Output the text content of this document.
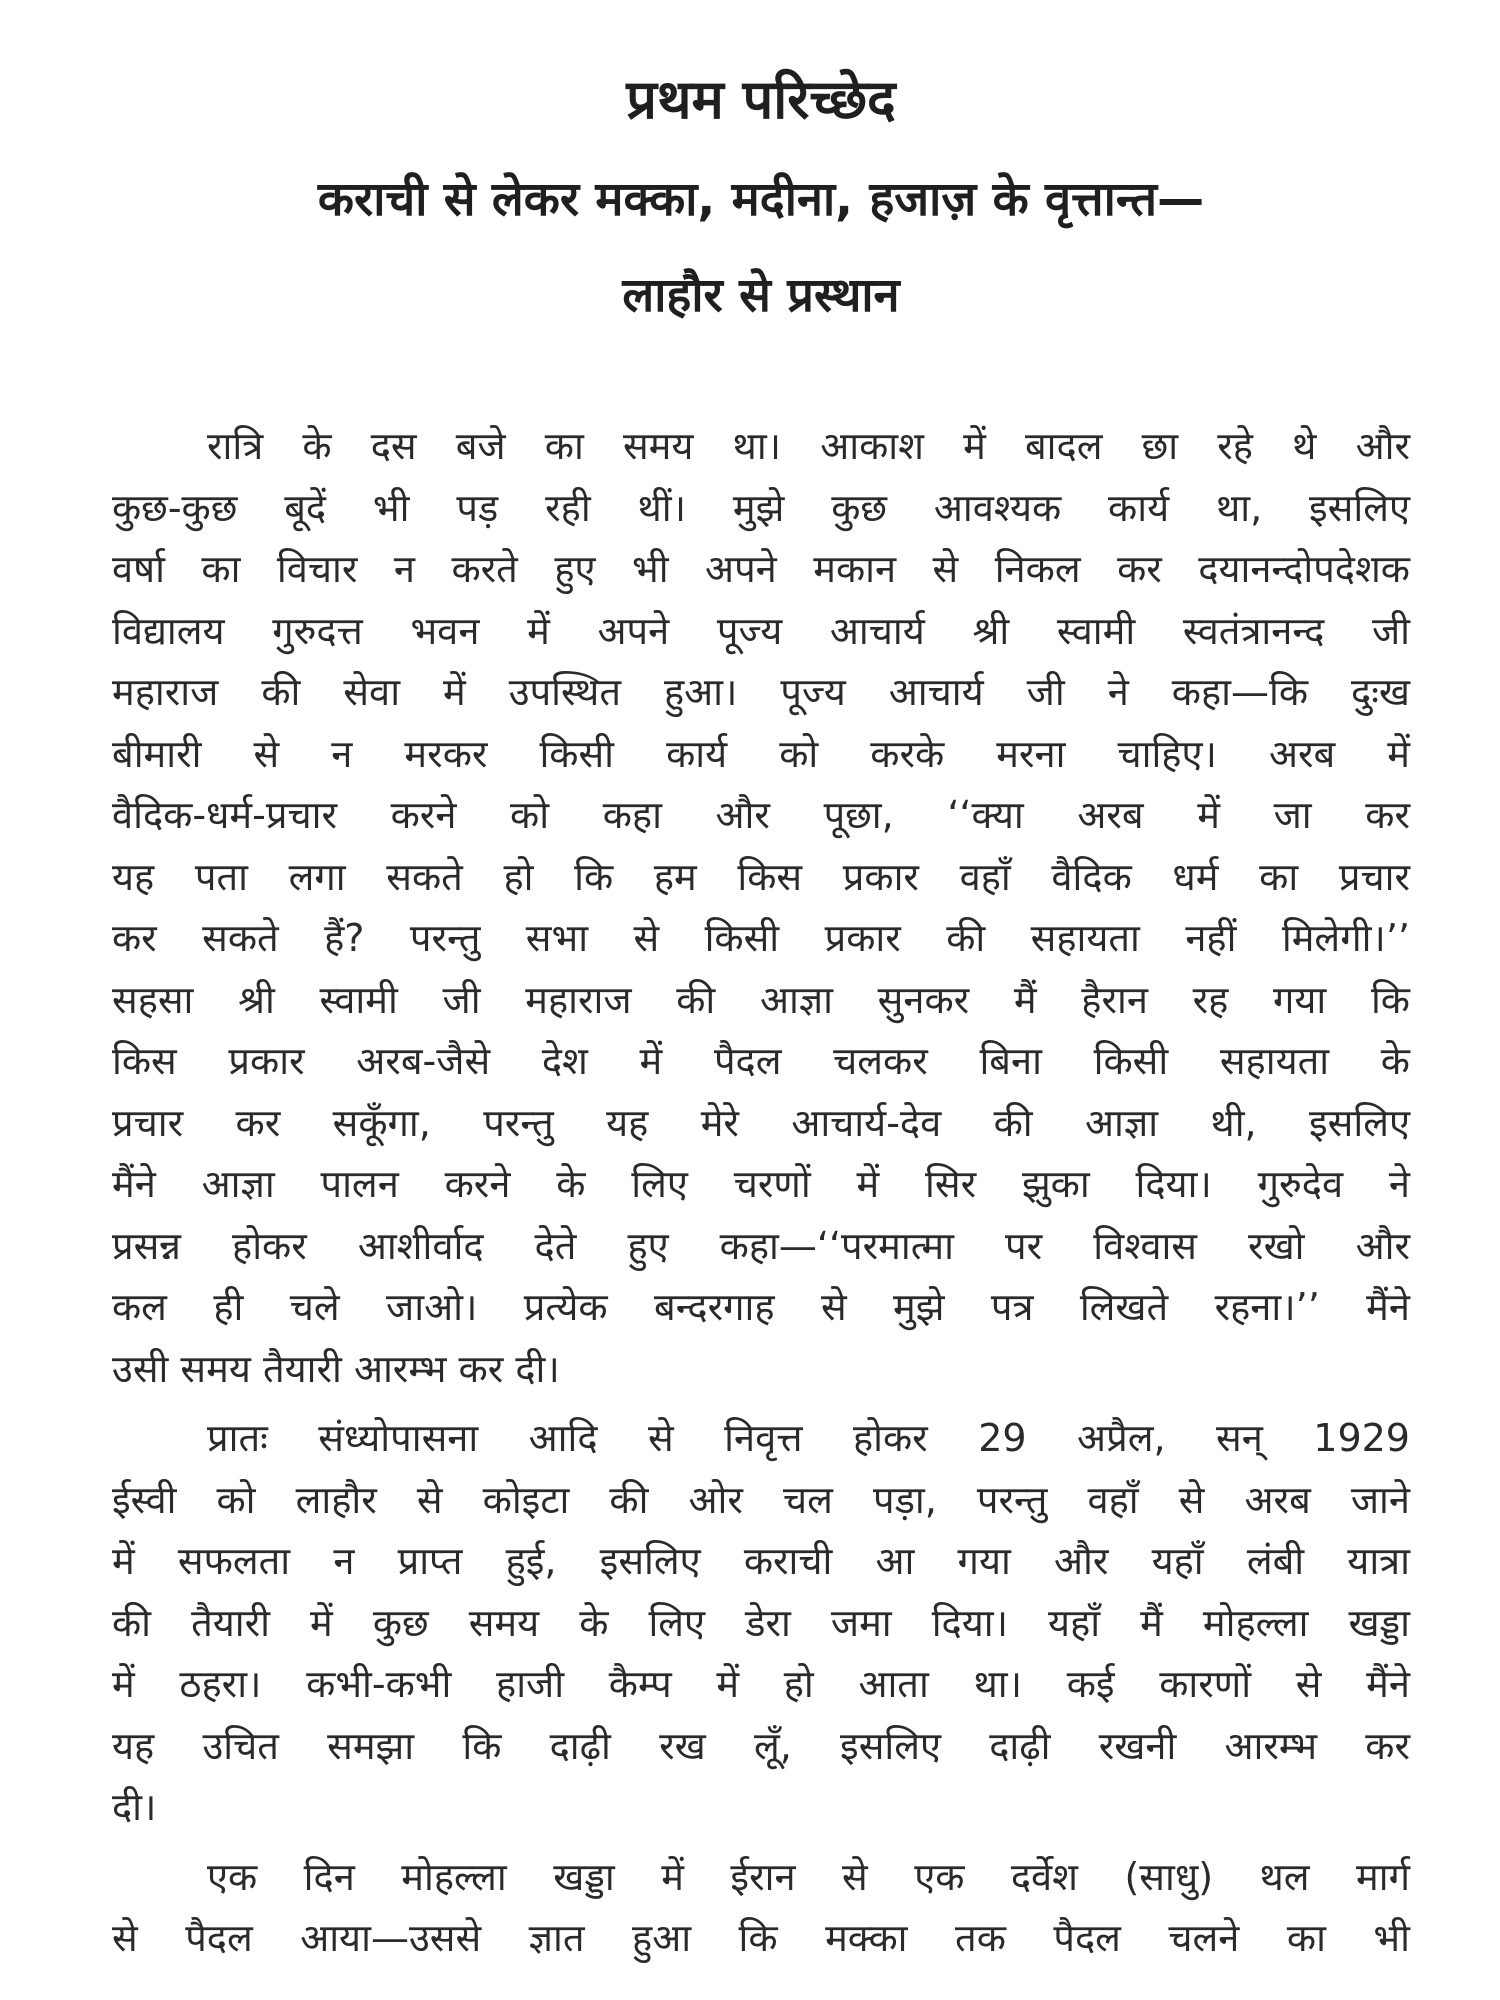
प्रथम परिच्छेद
कराची से लेकर मक्का, मदीना, हजाज़ के वृत्तान्त—
लाहौर से प्रस्थान
रात्रि के दस बजे का समय था। आकाश में बादल छा रहे थे और
कुछ-कुछ बूदें भी पड़ रही थीं। मुझे कुछ आवश्यक कार्य था, इसलिए
वर्षा का विचार न करते हुए भी अपने मकान से निकल कर दयानन्दोपदेशक
विद्यालय गुरुदत्त भवन में अपने पूज्य आचार्य श्री स्वामी स्वतंत्रानन्द जी
महाराज की सेवा में उपस्थित हुआ। पूज्य आचार्य जी ने कहा—कि दुःख
बीमारी से न मरकर किसी कार्य को करके मरना चाहिए। अरब में
वैदिक-धर्म-प्रचार करने को कहा और पूछा, ‘‘क्या अरब में जा कर
यह पता लगा सकते हो कि हम किस प्रकार वहाँ वैदिक धर्म का प्रचार
कर सकते हैं? परन्तु सभा से किसी प्रकार की सहायता नहीं मिलेगी।’’
सहसा श्री स्वामी जी महाराज की आज्ञा सुनकर मैं हैरान रह गया कि
किस प्रकार अरब-जैसे देश में पैदल चलकर बिना किसी सहायता के
प्रचार कर सकूँगा, परन्तु यह मेरे आचार्य-देव की आज्ञा थी, इसलिए
मैंने आज्ञा पालन करने के लिए चरणों में सिर झुका दिया। गुरुदेव ने
प्रसन्न होकर आशीर्वाद देते हुए कहा—‘‘परमात्मा पर विश्वास रखो और
कल ही चले जाओ। प्रत्येक बन्दरगाह से मुझे पत्र लिखते रहना।’’ मैंने
उसी समय तैयारी आरम्भ कर दी।
प्रातः संध्योपासना आदि से निवृत्त होकर 29 अप्रैल, सन् 1929
ईस्वी को लाहौर से कोइटा की ओर चल पड़ा, परन्तु वहाँ से अरब जाने
में सफलता न प्राप्त हुई, इसलिए कराची आ गया और यहाँ लंबी यात्रा
की तैयारी में कुछ समय के लिए डेरा जमा दिया। यहाँ मैं मोहल्ला खड्डा
में ठहरा। कभी-कभी हाजी कैम्प में हो आता था। कई कारणों से मैंने
यह उचित समझा कि दाढ़ी रख लूँ, इसलिए दाढ़ी रखनी आरम्भ कर
दी।
एक दिन मोहल्ला खड्डा में ईरान से एक दर्वेश (साधु) थल मार्ग
से पैदल आया—उससे ज्ञात हुआ कि मक्का तक पैदल चलने का भी
